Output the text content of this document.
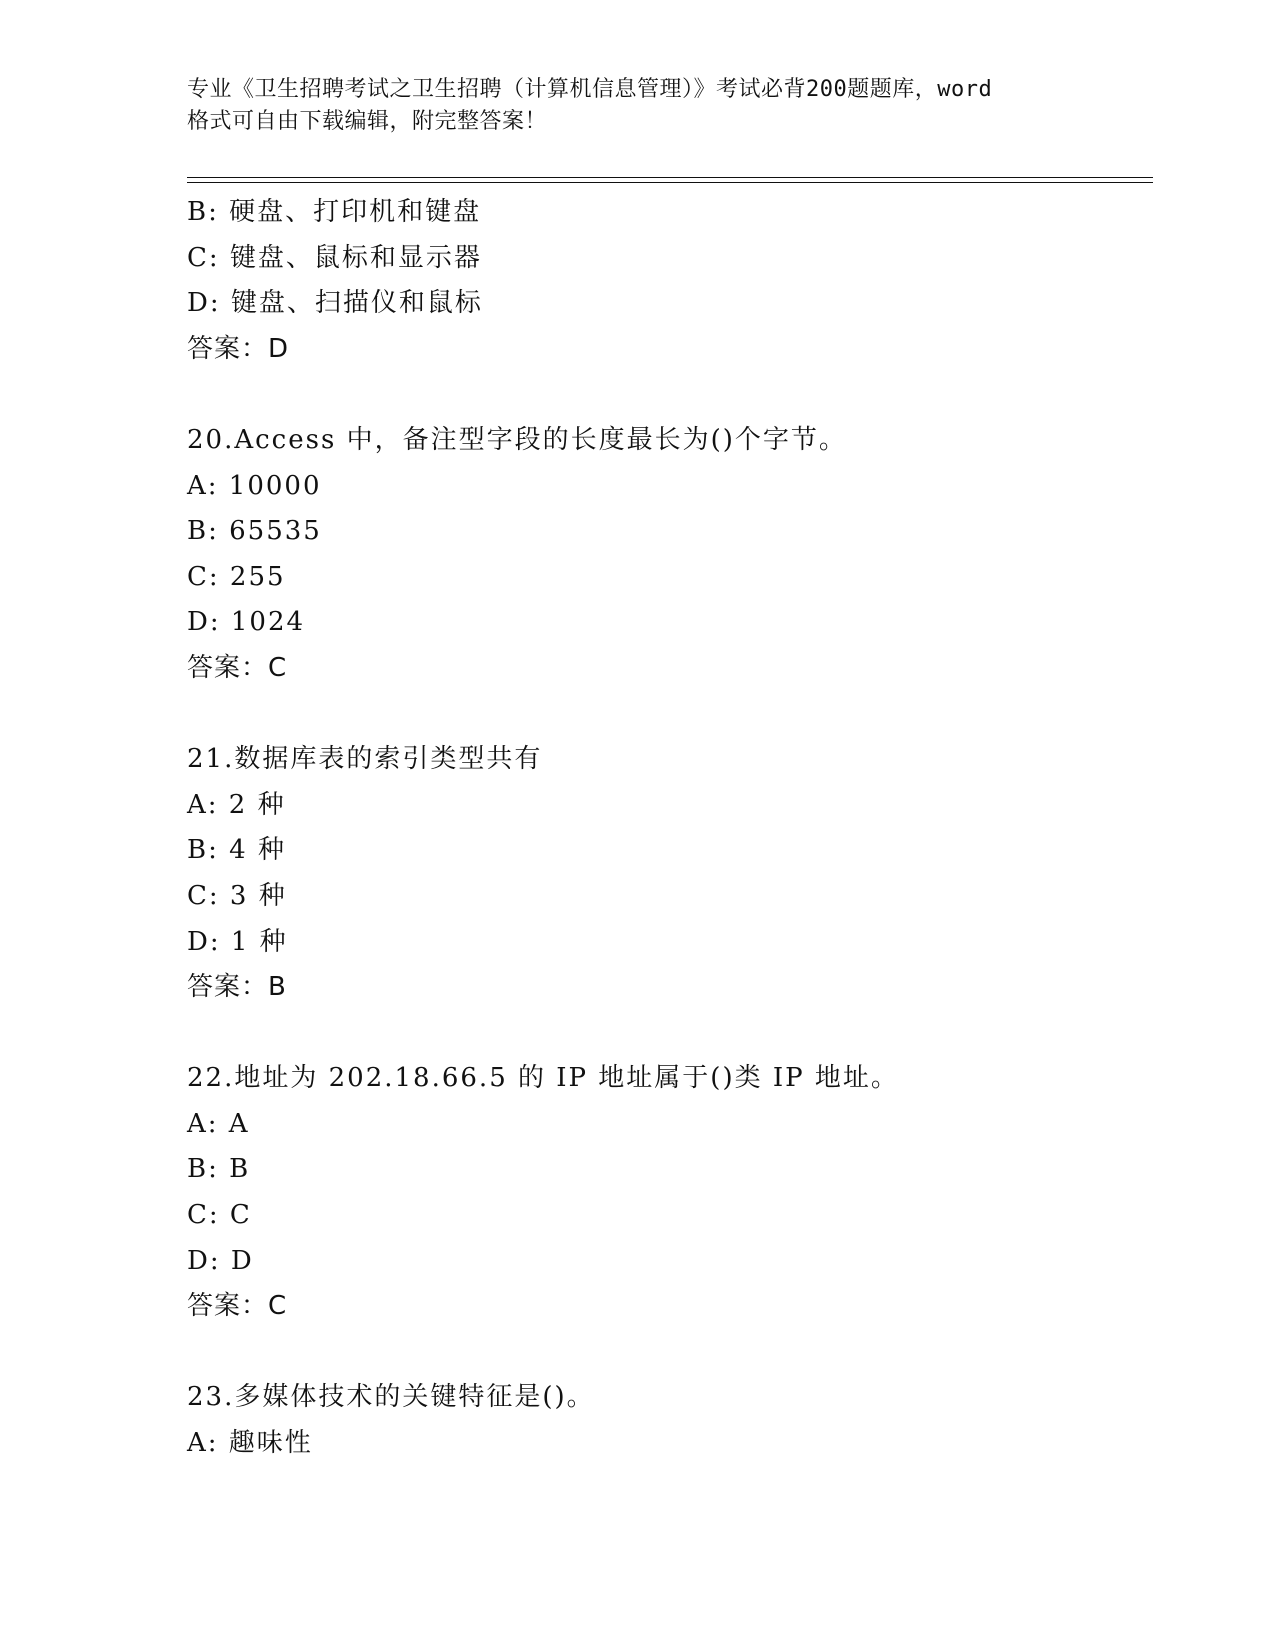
专业《卫生招聘考试之卫生招聘（计算机信息管理）》考试必背200题题库，word
格式可自由下载编辑，附完整答案！
B: 硬盘、打印机和键盘
C: 键盘、鼠标和显示器
D: 键盘、扫描仪和鼠标
答案：D
20.Access 中，备注型字段的长度最长为()个字节。
A: 10000
B: 65535
C: 255
D: 1024
答案：C
21.数据库表的索引类型共有
A: 2 种
B: 4 种
C: 3 种
D: 1 种
答案：B
22.地址为 202.18.66.5 的 IP 地址属于()类 IP 地址。
A: A
B: B
C: C
D: D
答案：C
23.多媒体技术的关键特征是()。
A: 趣味性
